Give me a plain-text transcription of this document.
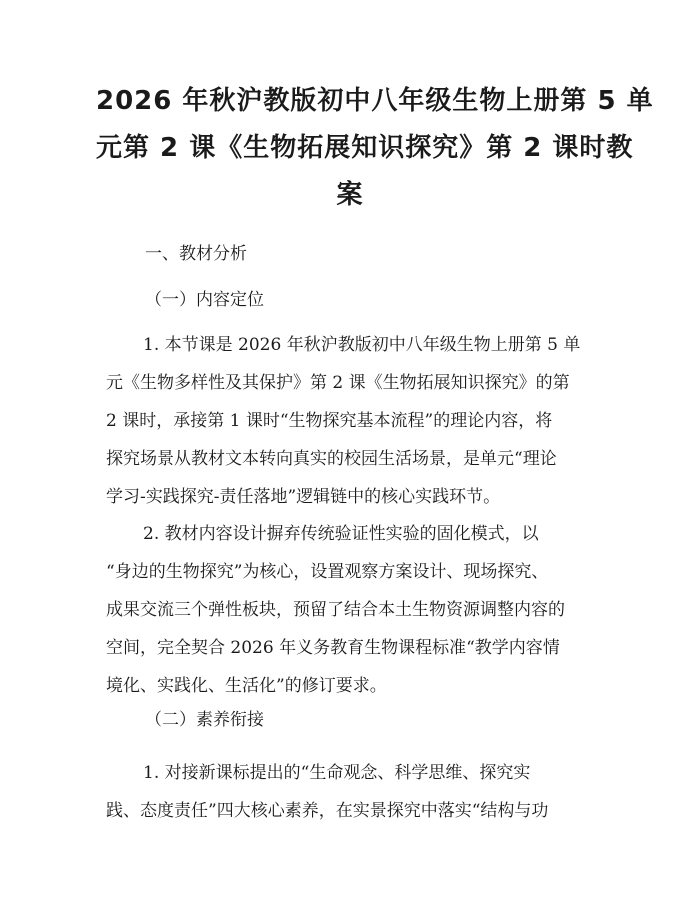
2026 年秋沪教版初中八年级生物上册第 5 单
元第 2 课《生物拓展知识探究》第 2 课时教
案

一、教材分析

（一）内容定位

1. 本节课是 2026 年秋沪教版初中八年级生物上册第 5 单
元《生物多样性及其保护》第 2 课《生物拓展知识探究》的第
2 课时，承接第 1 课时“生物探究基本流程”的理论内容，将
探究场景从教材文本转向真实的校园生活场景，是单元“理论
学习-实践探究-责任落地”逻辑链中的核心实践环节。
2. 教材内容设计摒弃传统验证性实验的固化模式，以
“身边的生物探究”为核心，设置观察方案设计、现场探究、
成果交流三个弹性板块，预留了结合本土生物资源调整内容的
空间，完全契合 2026 年义务教育生物课程标准“教学内容情
境化、实践化、生活化”的修订要求。

（二）素养衔接

1. 对接新课标提出的“生命观念、科学思维、探究实
践、态度责任”四大核心素养，在实景探究中落实“结构与功
